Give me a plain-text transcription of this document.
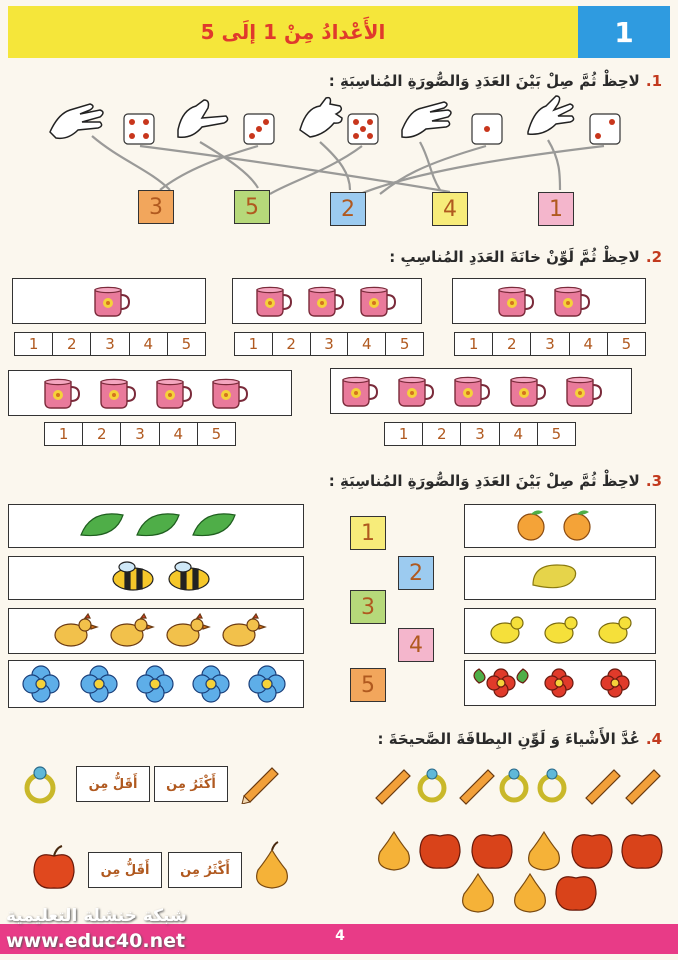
الأَعْدادُ مِنْ 1 إلَى 5	1
1.لاحِظْ ثُمَّ صِلْ بَيْنَ العَدَدِ وَالصُّورَةِ المُناسِبَةِ :
3	5	2	4	1
2.لاحِظْ ثُمَّ لَوِّنْ خانَةَ العَدَدِ المُناسِبِ :
1	2	3	4	5	1	2	3	4	5	1	2	3	4	5
1	2	3	4	5	1	2	3	4	5
3.لاحِظْ ثُمَّ صِلْ بَيْنَ العَدَدِ وَالصُّورَةِ المُناسِبَةِ :
1
2
3
4
5
4.عُدَّ الأَشْياءَ وَ لَوِّنِ البِطاقَةَ الصَّحيحَةَ :
أَقَلُّ مِن	أَكْثَرُ مِن
أَقَلُّ مِن	أَكْثَرُ مِن
4
شبكة خنشلة التعليمية
www.educ40.net
